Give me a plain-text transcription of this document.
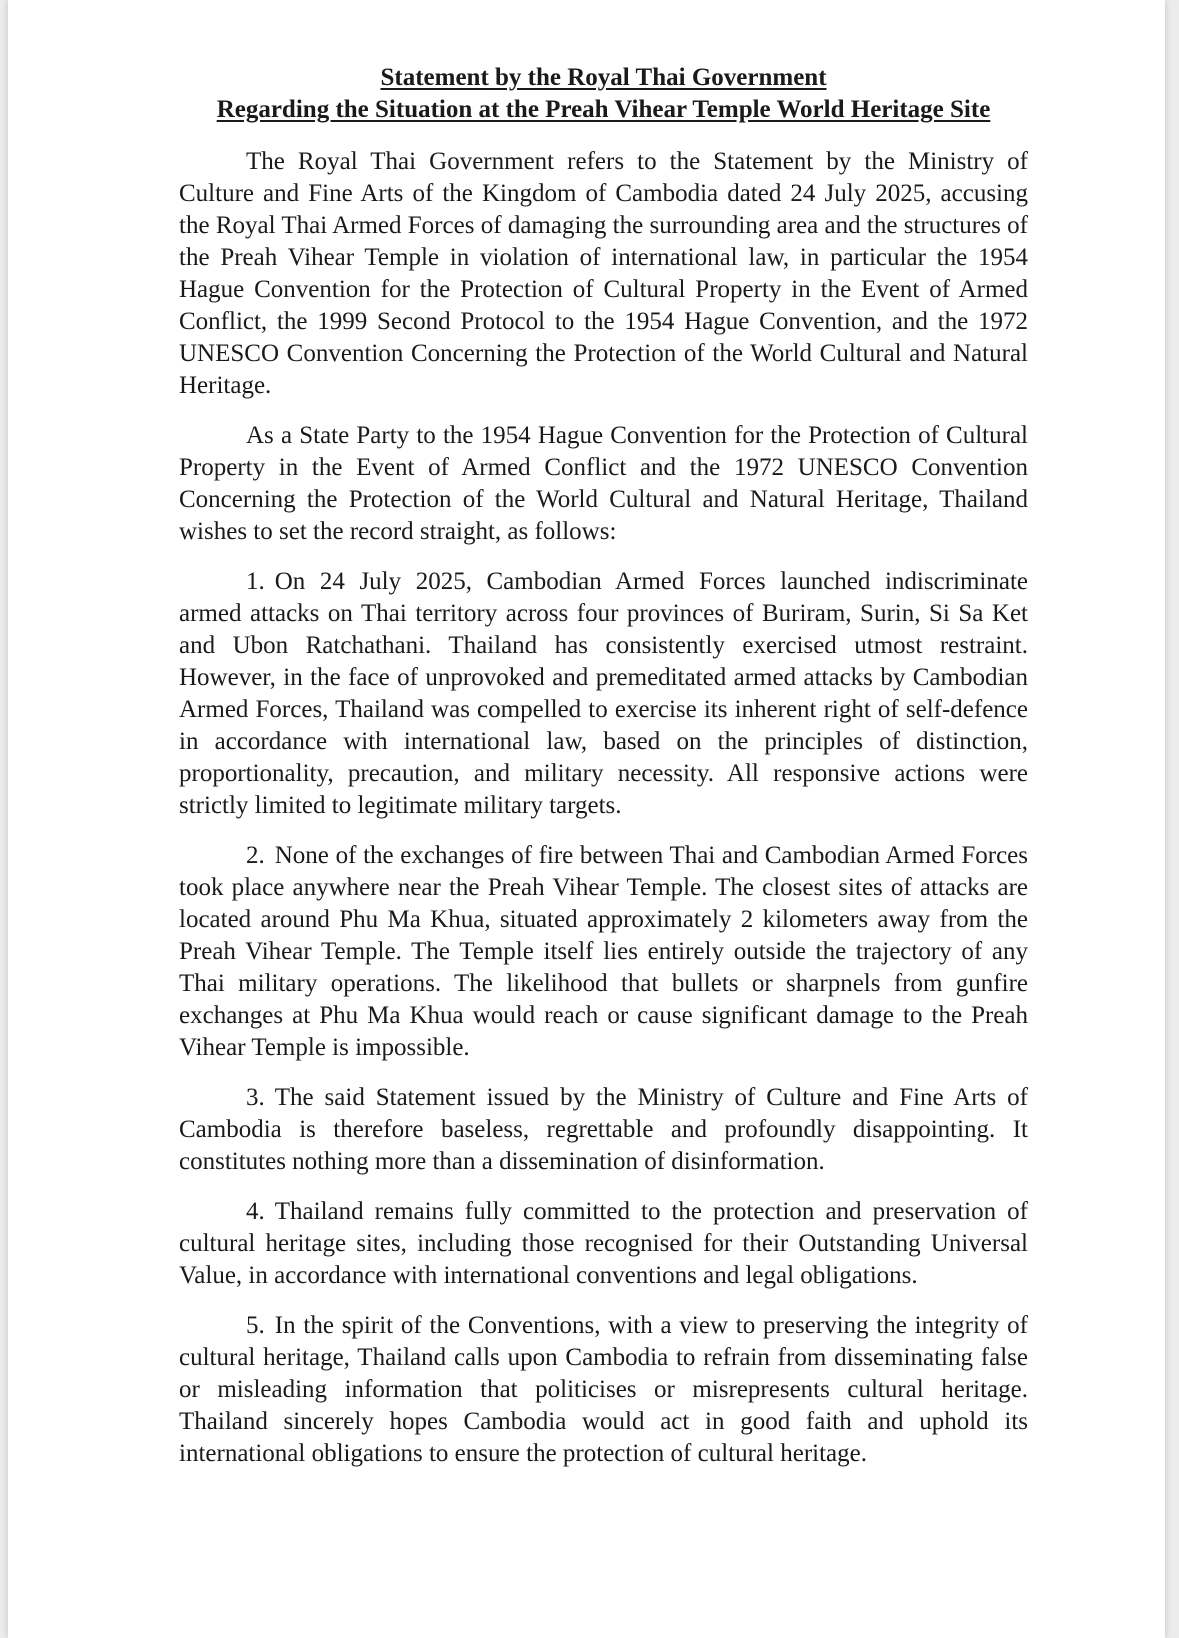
Statement by the Royal Thai Government

Regarding the Situation at the Preah Vihear Temple World Heritage Site

The Royal Thai Government refers to the Statement by the Ministry of Culture and Fine Arts of the Kingdom of Cambodia dated 24 July 2025, accusing the Royal Thai Armed Forces of damaging the surrounding area and the structures of the Preah Vihear Temple in violation of international law, in particular the 1954 Hague Convention for the Protection of Cultural Property in the Event of Armed Conflict, the 1999 Second Protocol to the 1954 Hague Convention, and the 1972 UNESCO Convention Concerning the Protection of the World Cultural and Natural Heritage.

As a State Party to the 1954 Hague Convention for the Protection of Cultural Property in the Event of Armed Conflict and the 1972 UNESCO Convention Concerning the Protection of the World Cultural and Natural Heritage, Thailand wishes to set the record straight, as follows:

1. On 24 July 2025, Cambodian Armed Forces launched indiscriminate armed attacks on Thai territory across four provinces of Buriram, Surin, Si Sa Ket and Ubon Ratchathani. Thailand has consistently exercised utmost restraint. However, in the face of unprovoked and premeditated armed attacks by Cambodian Armed Forces, Thailand was compelled to exercise its inherent right of self-defence in accordance with international law, based on the principles of distinction, proportionality, precaution, and military necessity. All responsive actions were strictly limited to legitimate military targets.

2. None of the exchanges of fire between Thai and Cambodian Armed Forces took place anywhere near the Preah Vihear Temple. The closest sites of attacks are located around Phu Ma Khua, situated approximately 2 kilometers away from the Preah Vihear Temple. The Temple itself lies entirely outside the trajectory of any Thai military operations. The likelihood that bullets or sharpnels from gunfire exchanges at Phu Ma Khua would reach or cause significant damage to the Preah Vihear Temple is impossible.

3. The said Statement issued by the Ministry of Culture and Fine Arts of Cambodia is therefore baseless, regrettable and profoundly disappointing. It constitutes nothing more than a dissemination of disinformation.

4. Thailand remains fully committed to the protection and preservation of cultural heritage sites, including those recognised for their Outstanding Universal Value, in accordance with international conventions and legal obligations.

5. In the spirit of the Conventions, with a view to preserving the integrity of cultural heritage, Thailand calls upon Cambodia to refrain from disseminating false or misleading information that politicises or misrepresents cultural heritage. Thailand sincerely hopes Cambodia would act in good faith and uphold its international obligations to ensure the protection of cultural heritage.
